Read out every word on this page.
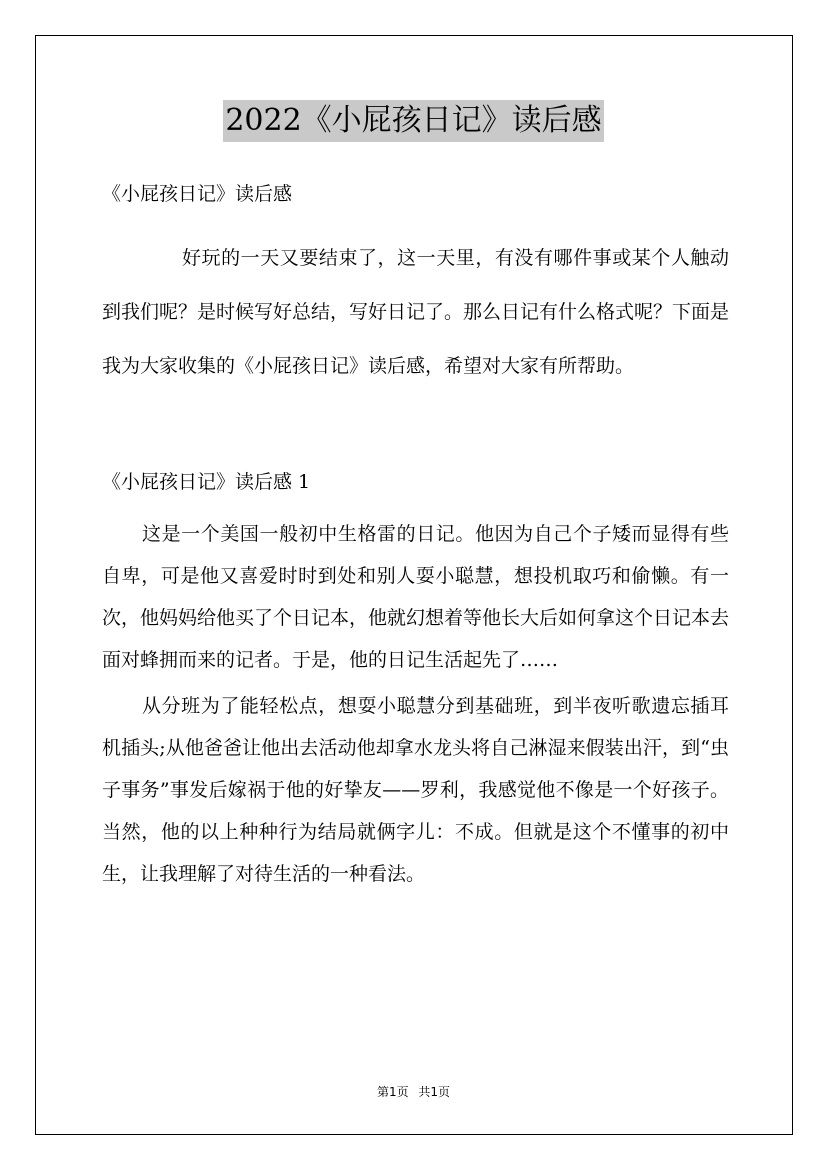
2022《小屁孩日记》读后感

《小屁孩日记》读后感

好玩的一天又要结束了，这一天里，有没有哪件事或某个人触动到我们呢？是时候写好总结，写好日记了。那么日记有什么格式呢？下面是我为大家收集的《小屁孩日记》读后感，希望对大家有所帮助。

《小屁孩日记》读后感 1

这是一个美国一般初中生格雷的日记。他因为自己个子矮而显得有些自卑，可是他又喜爱时时到处和别人耍小聪慧，想投机取巧和偷懒。有一次，他妈妈给他买了个日记本，他就幻想着等他长大后如何拿这个日记本去面对蜂拥而来的记者。于是，他的日记生活起先了……

从分班为了能轻松点，想耍小聪慧分到基础班，到半夜听歌遗忘插耳机插头;从他爸爸让他出去活动他却拿水龙头将自己淋湿来假装出汗，到“虫子事务”事发后嫁祸于他的好挚友——罗利，我感觉他不像是一个好孩子。当然，他的以上种种行为结局就俩字儿：不成。但就是这个不懂事的初中生，让我理解了对待生活的一种看法。

第1页 共1页
